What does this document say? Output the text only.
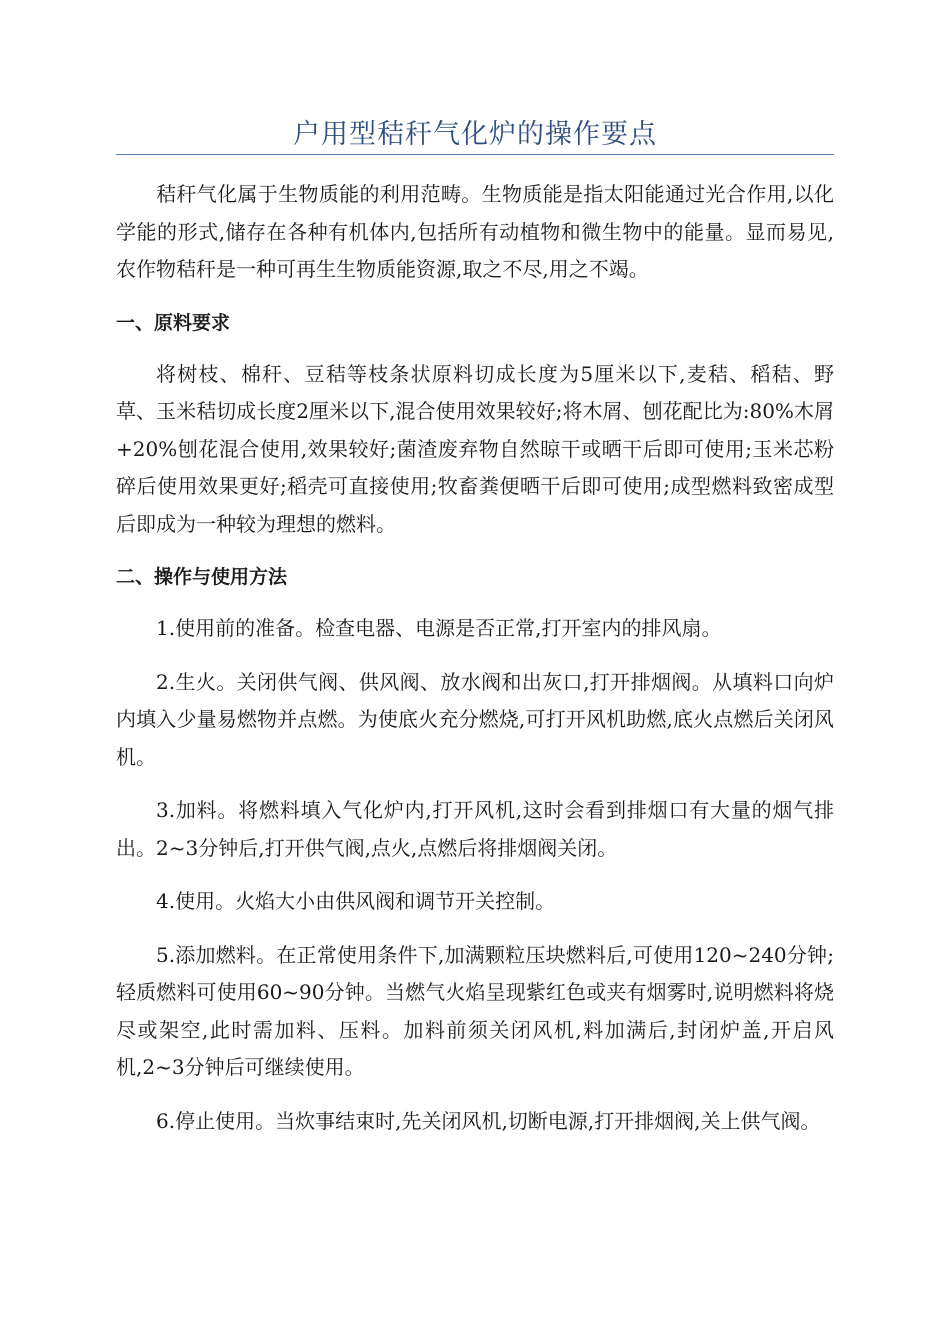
户用型秸秆气化炉的操作要点

秸秆气化属于生物质能的利用范畴。生物质能是指太阳能通过光合作用,以化学能的形式,储存在各种有机体内,包括所有动植物和微生物中的能量。显而易见,农作物秸秆是一种可再生生物质能资源,取之不尽,用之不竭。

一、原料要求

将树枝、棉秆、豆秸等枝条状原料切成长度为5厘米以下,麦秸、稻秸、野草、玉米秸切成长度2厘米以下,混合使用效果较好;将木屑、刨花配比为:80%木屑+20%刨花混合使用,效果较好;菌渣废弃物自然晾干或晒干后即可使用;玉米芯粉碎后使用效果更好;稻壳可直接使用;牧畜粪便晒干后即可使用;成型燃料致密成型后即成为一种较为理想的燃料。

二、操作与使用方法

1.使用前的准备。检查电器、电源是否正常,打开室内的排风扇。

2.生火。关闭供气阀、供风阀、放水阀和出灰口,打开排烟阀。从填料口向炉内填入少量易燃物并点燃。为使底火充分燃烧,可打开风机助燃,底火点燃后关闭风机。

3.加料。将燃料填入气化炉内,打开风机,这时会看到排烟口有大量的烟气排出。2~3分钟后,打开供气阀,点火,点燃后将排烟阀关闭。

4.使用。火焰大小由供风阀和调节开关控制。

5.添加燃料。在正常使用条件下,加满颗粒压块燃料后,可使用120~240分钟;轻质燃料可使用60~90分钟。当燃气火焰呈现紫红色或夹有烟雾时,说明燃料将烧尽或架空,此时需加料、压料。加料前须关闭风机,料加满后,封闭炉盖,开启风机,2~3分钟后可继续使用。

6.停止使用。当炊事结束时,先关闭风机,切断电源,打开排烟阀,关上供气阀。
